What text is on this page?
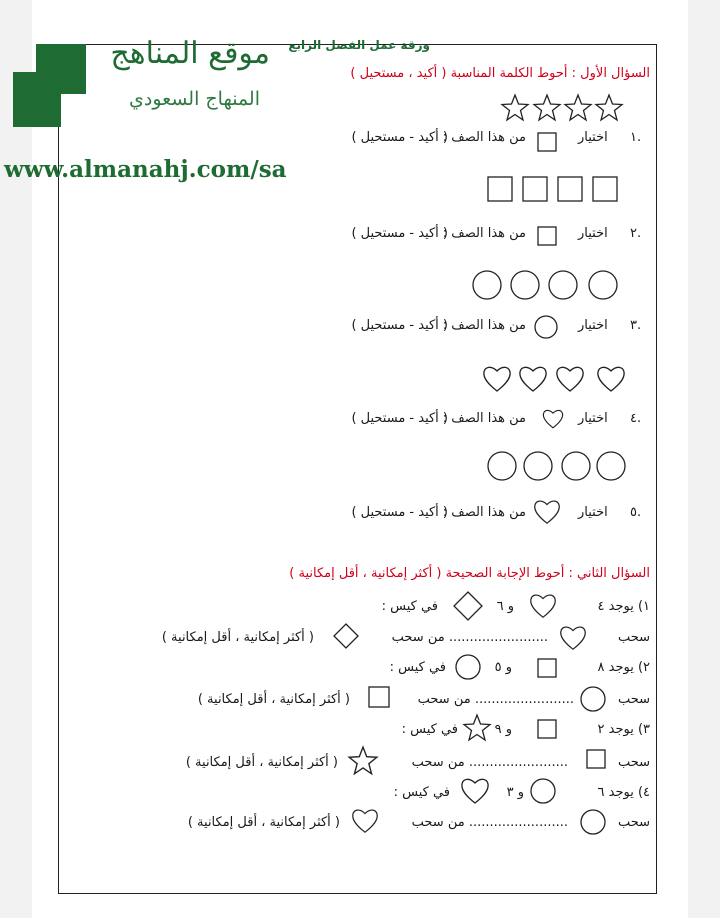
موقع المناهج
المنهاج السعودي
www.almanahj.com/sa
ورقة عمل الفصل الرابع
السؤال الأول : أحوط الكلمة المناسبة ( أكيد ، مستحيل )
١.
اختيار
من هذا الصف :
( أكيد - مستحيل )
٢.
اختيار
من هذا الصف :
( أكيد - مستحيل )
٣.
اختيار
من هذا الصف :
( أكيد - مستحيل )
٤.
اختيار
من هذا الصف :
( أكيد - مستحيل )
٥.
اختيار
من هذا الصف :
( أكيد - مستحيل )
السؤال الثاني : أحوط الإجابة الصحيحة ( أكثر إمكانية ، أقل إمكانية )
١) يوجد ٤
و ٦
في كيس :
سحب
........................ من سحب
( أكثر إمكانية ، أقل إمكانية )
٢) يوجد ٨
و ٥
في كيس :
سحب
........................ من سحب
( أكثر إمكانية ، أقل إمكانية )
٣) يوجد ٢
و ٩
في كيس :
سحب
........................ من سحب
( أكثر إمكانية ، أقل إمكانية )
٤) يوجد ٦
و ٣
في كيس :
سحب
........................ من سحب
( أكثر إمكانية ، أقل إمكانية )
